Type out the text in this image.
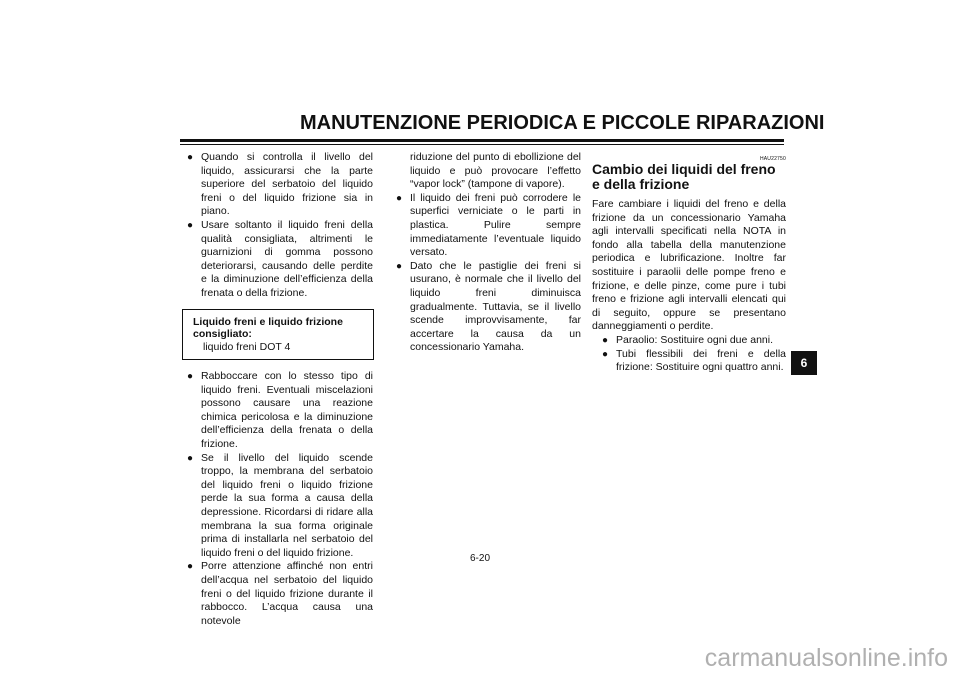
MANUTENZIONE PERIODICA E PICCOLE RIPARAZIONI
● Quando si controlla il livello del liquido, assicurarsi che la parte superiore del serbatoio del liquido freni o del liquido frizione sia in piano.
● Usare soltanto il liquido freni della qualità consigliata, altrimenti le guarnizioni di gomma possono deteriorarsi, causando delle perdite e la diminuzione dell’efficienza della frenata o della frizione.
Liquido freni e liquido frizione consigliato:
liquido freni DOT 4
● Rabboccare con lo stesso tipo di liquido freni. Eventuali miscelazioni possono causare una reazione chimica pericolosa e la diminuzione dell’efficienza della frenata o della frizione.
● Se il livello del liquido scende troppo, la membrana del serbatoio del liquido freni o liquido frizione perde la sua forma a causa della depressione. Ricordarsi di ridare alla membrana la sua forma originale prima di installarla nel serbatoio del liquido freni o del liquido frizione.
● Porre attenzione affinché non entri dell’acqua nel serbatoio del liquido freni o del liquido frizione durante il rabbocco. L’acqua causa una notevole
riduzione del punto di ebollizione del liquido e può provocare l’effetto “vapor lock” (tampone di vapore).
● Il liquido dei freni può corrodere le superfici verniciate o le parti in plastica. Pulire sempre immediatamente l’eventuale liquido versato.
● Dato che le pastiglie dei freni si usurano, è normale che il livello del liquido freni diminuisca gradualmente. Tuttavia, se il livello scende improvvisamente, far accertare la causa da un concessionario Yamaha.
HAU22750
Cambio dei liquidi del freno e della frizione
Fare cambiare i liquidi del freno e della frizione da un concessionario Yamaha agli intervalli specificati nella NOTA in fondo alla tabella della manutenzione periodica e lubrificazione. Inoltre far sostituire i paraolii delle pompe freno e frizione, e delle pinze, come pure i tubi freno e frizione agli intervalli elencati qui di seguito, oppure se presentano danneggiamenti o perdite.
● Paraolio: Sostituire ogni due anni.
● Tubi flessibili dei freni e della frizione: Sostituire ogni quattro anni.	6
6-20
carmanualsonline.info
